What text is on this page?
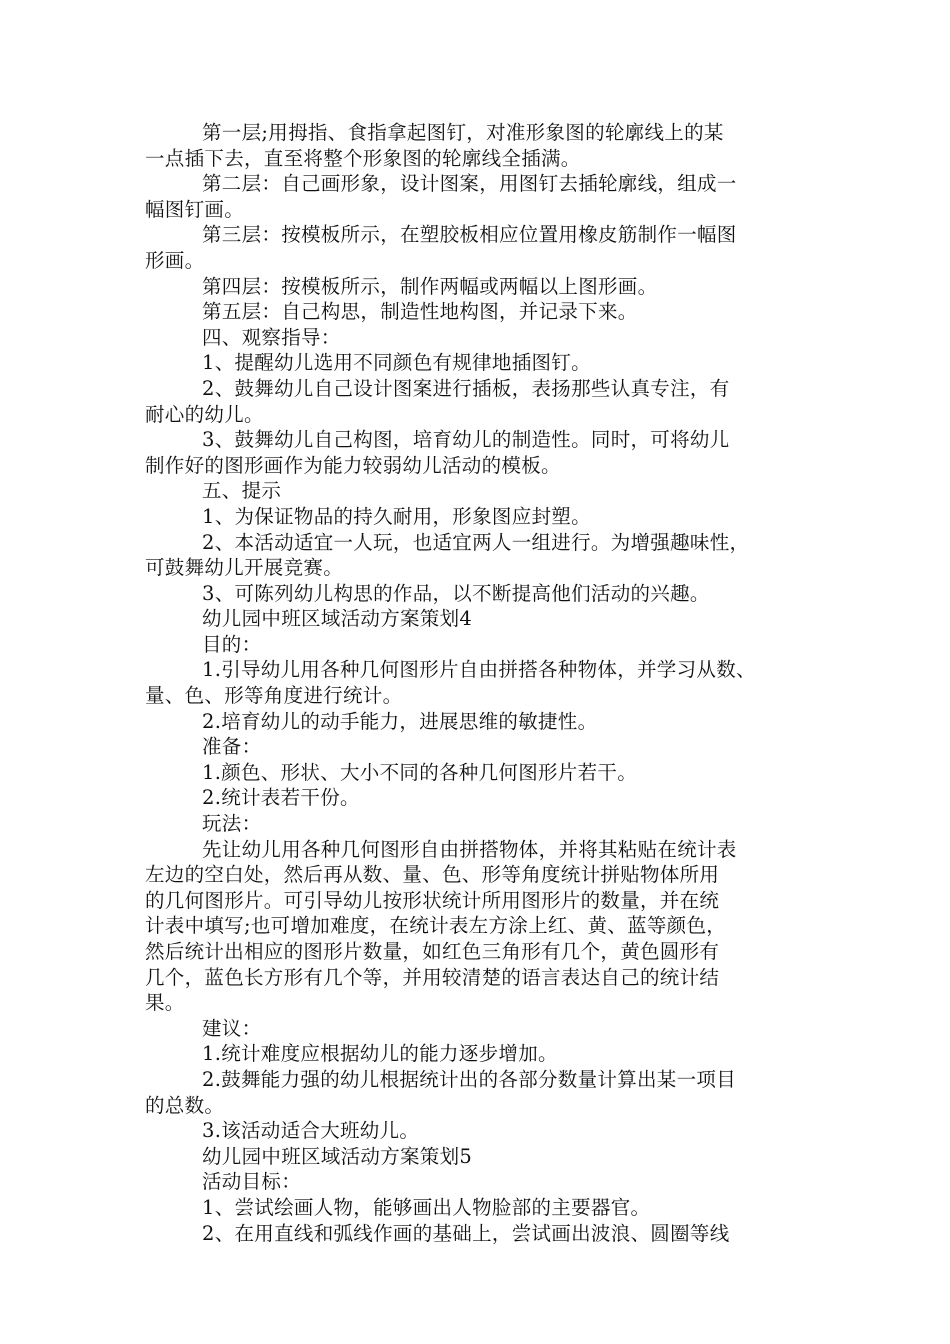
第一层;用拇指、食指拿起图钉，对准形象图的轮廓线上的某
一点插下去，直至将整个形象图的轮廓线全插满。
第二层：自己画形象，设计图案，用图钉去插轮廓线，组成一
幅图钉画。
第三层：按模板所示，在塑胶板相应位置用橡皮筋制作一幅图
形画。
第四层：按模板所示，制作两幅或两幅以上图形画。
第五层：自己构思，制造性地构图，并记录下来。
四、观察指导：
1、提醒幼儿选用不同颜色有规律地插图钉。
2、鼓舞幼儿自己设计图案进行插板，表扬那些认真专注，有
耐心的幼儿。
3、鼓舞幼儿自己构图，培育幼儿的制造性。同时，可将幼儿
制作好的图形画作为能力较弱幼儿活动的模板。
五、提示
1、为保证物品的持久耐用，形象图应封塑。
2、本活动适宜一人玩，也适宜两人一组进行。为增强趣味性，
可鼓舞幼儿开展竞赛。
3、可陈列幼儿构思的作品，以不断提高他们活动的兴趣。
幼儿园中班区域活动方案策划4
目的：
1.引导幼儿用各种几何图形片自由拼搭各种物体，并学习从数、
量、色、形等角度进行统计。
2.培育幼儿的动手能力，进展思维的敏捷性。
准备：
1.颜色、形状、大小不同的各种几何图形片若干。
2.统计表若干份。
玩法：
先让幼儿用各种几何图形自由拼搭物体，并将其粘贴在统计表
左边的空白处，然后再从数、量、色、形等角度统计拼贴物体所用
的几何图形片。可引导幼儿按形状统计所用图形片的数量，并在统
计表中填写;也可增加难度，在统计表左方涂上红、黄、蓝等颜色，
然后统计出相应的图形片数量，如红色三角形有几个，黄色圆形有
几个，蓝色长方形有几个等，并用较清楚的语言表达自己的统计结
果。
建议：
1.统计难度应根据幼儿的能力逐步增加。
2.鼓舞能力强的幼儿根据统计出的各部分数量计算出某一项目
的总数。
3.该活动适合大班幼儿。
幼儿园中班区域活动方案策划5
活动目标：
1、尝试绘画人物，能够画出人物脸部的主要器官。
2、在用直线和弧线作画的基础上，尝试画出波浪、圆圈等线
